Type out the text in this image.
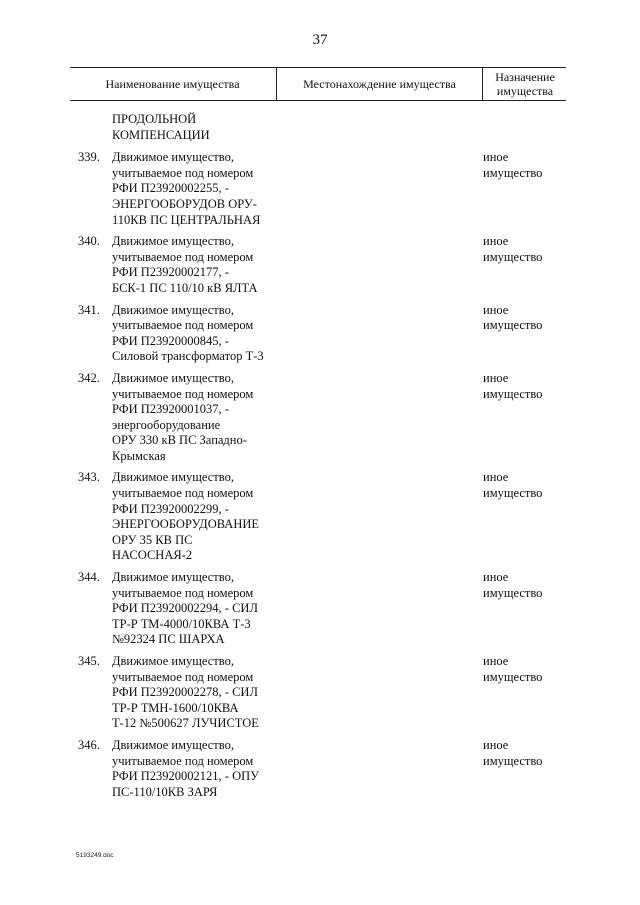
37
Наименование имущества	Местонахождение имущества	Назначение
имущества
ПРОДОЛЬНОЙ
КОМПЕНСАЦИИ
339. Движимое имущество,
учитываемое под номером
РФИ П23920002255, -
ЭНЕРГООБОРУДОВ ОРУ-
110КВ ПС ЦЕНТРАЛЬНАЯ
иное
имущество
340. Движимое имущество,
учитываемое под номером
РФИ П23920002177, -
БСК-1 ПС 110/10 кВ ЯЛТА
иное
имущество
341. Движимое имущество,
учитываемое под номером
РФИ П23920000845, -
Силовой трансформатор Т-3
иное
имущество
342. Движимое имущество,
учитываемое под номером
РФИ П23920001037, -
энергооборудование
ОРУ 330 кВ ПС Западно-
Крымская
иное
имущество
343. Движимое имущество,
учитываемое под номером
РФИ П23920002299, -
ЭНЕРГООБОРУДОВАНИЕ
ОРУ 35 КВ ПС
НАСОСНАЯ-2
иное
имущество
344. Движимое имущество,
учитываемое под номером
РФИ П23920002294, - СИЛ
ТР-Р ТМ-4000/10КВА Т-3
№92324 ПС ШАРХА
иное
имущество
345. Движимое имущество,
учитываемое под номером
РФИ П23920002278, - СИЛ
ТР-Р ТМН-1600/10КВА
Т-12 №500627 ЛУЧИСТОЕ
иное
имущество
346. Движимое имущество,
учитываемое под номером
РФИ П23920002121, - ОПУ
ПС-110/10КВ ЗАРЯ
иное
имущество
5193249.doc
